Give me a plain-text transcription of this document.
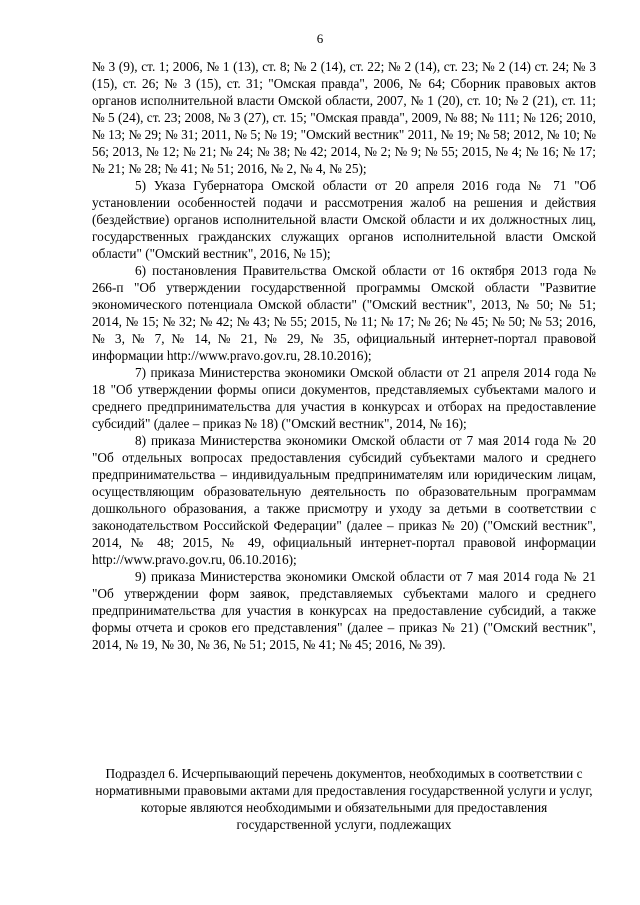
6

№ 3 (9), ст. 1; 2006, № 1 (13), ст. 8; № 2 (14), ст. 22; № 2 (14), ст. 23; № 2 (14) ст. 24; № 3 (15), ст. 26; № 3 (15), ст. 31; "Омская правда", 2006, № 64; Сборник правовых актов органов исполнительной власти Омской области, 2007, № 1 (20), ст. 10; № 2 (21), ст. 11; № 5 (24), ст. 23; 2008, № 3 (27), ст. 15; "Омская правда", 2009, № 88; № 111; № 126; 2010, № 13; № 29; № 31; 2011, № 5; № 19; "Омский вестник" 2011, № 19; № 58; 2012, № 10; № 56; 2013, № 12; № 21; № 24; № 38; № 42; 2014, № 2; № 9; № 55; 2015, № 4; № 16; № 17; № 21; № 28; № 41; № 51; 2016, № 2, № 4, № 25);

5) Указа Губернатора Омской области от 20 апреля 2016 года № 71 "Об установлении особенностей подачи и рассмотрения жалоб на решения и действия (бездействие) органов исполнительной власти Омской области и их должностных лиц, государственных гражданских служащих органов исполнительной власти Омской области" ("Омский вестник", 2016, № 15);

6) постановления Правительства Омской области от 16 октября 2013 года № 266-п "Об утверждении государственной программы Омской области "Развитие экономического потенциала Омской области" ("Омский вестник", 2013, № 50; № 51; 2014, № 15; № 32; № 42; № 43; № 55; 2015, № 11; № 17; № 26; № 45; № 50; № 53; 2016, № 3, № 7, № 14, № 21, № 29, № 35, официальный интернет-портал правовой информации http://www.pravo.gov.ru, 28.10.2016);

7) приказа Министерства экономики Омской области от 21 апреля 2014 года № 18 "Об утверждении формы описи документов, представляемых субъектами малого и среднего предпринимательства для участия в конкурсах и отборах на предоставление субсидий" (далее – приказ № 18) ("Омский вестник", 2014, № 16);

8) приказа Министерства экономики Омской области от 7 мая 2014 года № 20 "Об отдельных вопросах предоставления субсидий субъектами малого и среднего предпринимательства – индивидуальным предпринимателям или юридическим лицам, осуществляющим образовательную деятельность по образовательным программам дошкольного образования, а также присмотру и уходу за детьми в соответствии с законодательством Российской Федерации" (далее – приказ № 20) ("Омский вестник", 2014, № 48; 2015, № 49, официальный интернет-портал правовой информации http://www.pravo.gov.ru, 06.10.2016);

9) приказа Министерства экономики Омской области от 7 мая 2014 года № 21 "Об утверждении форм заявок, представляемых субъектами малого и среднего предпринимательства для участия в конкурсах на предоставление субсидий, а также формы отчета и сроков его представления" (далее – приказ № 21) ("Омский вестник", 2014, № 19, № 30, № 36, № 51; 2015, № 41; № 45; 2016, № 39).

Подраздел 6. Исчерпывающий перечень документов, необходимых в соответствии с нормативными правовыми актами для предоставления государственной услуги и услуг, которые являются необходимыми и обязательными для предоставления государственной услуги, подлежащих
